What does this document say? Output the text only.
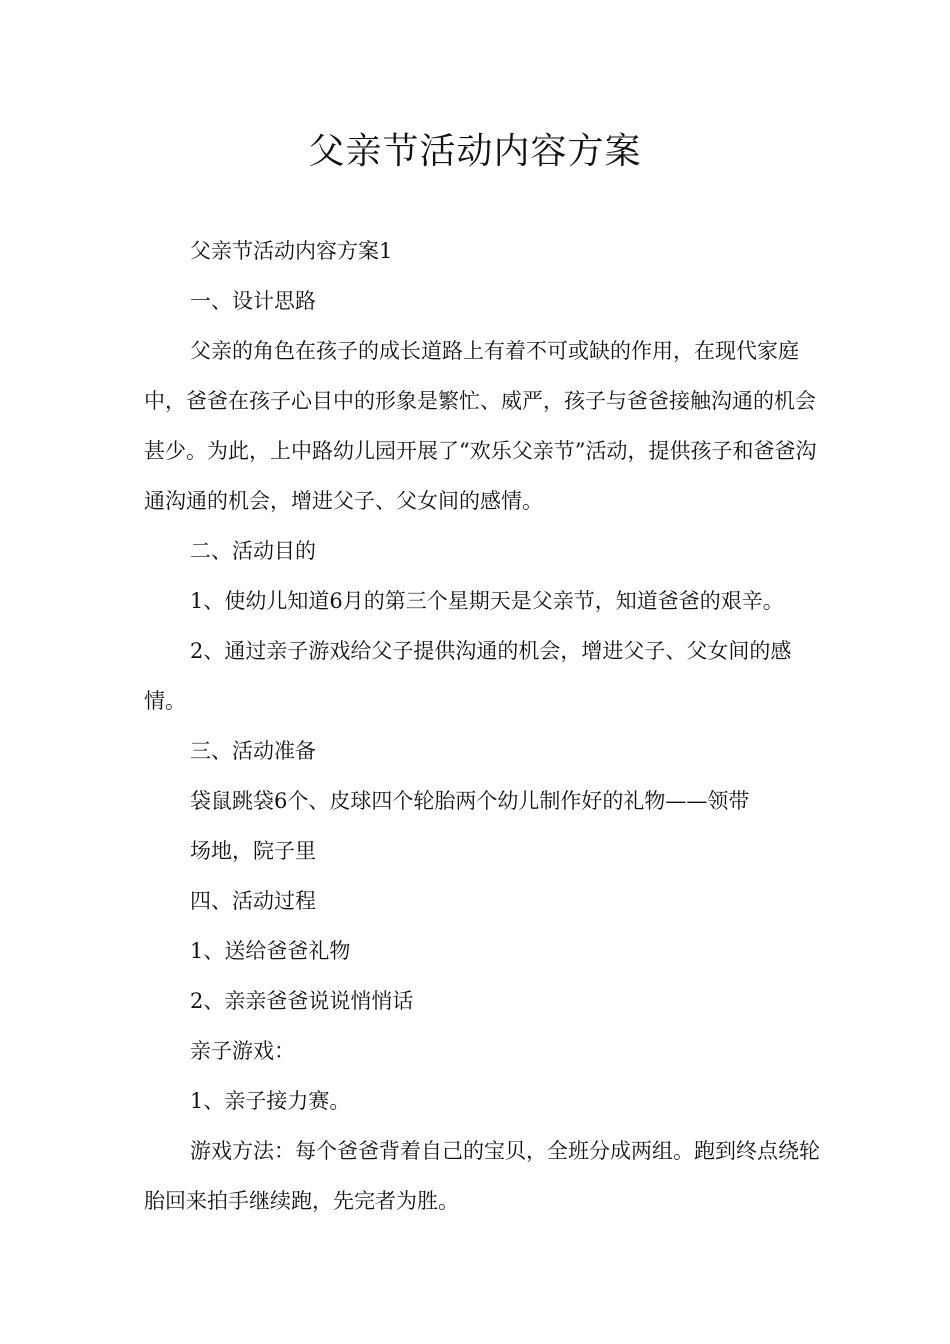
父亲节活动内容方案

父亲节活动内容方案1

一、设计思路

父亲的角色在孩子的成长道路上有着不可或缺的作用，在现代家庭中，爸爸在孩子心目中的形象是繁忙、威严，孩子与爸爸接触沟通的机会甚少。为此，上中路幼儿园开展了“欢乐父亲节”活动，提供孩子和爸爸沟通沟通的机会，增进父子、父女间的感情。

二、活动目的

1、使幼儿知道6月的第三个星期天是父亲节，知道爸爸的艰辛。

2、通过亲子游戏给父子提供沟通的机会，增进父子、父女间的感情。

三、活动准备

袋鼠跳袋6个、皮球四个轮胎两个幼儿制作好的礼物——领带

场地，院子里

四、活动过程

1、送给爸爸礼物

2、亲亲爸爸说说悄悄话

亲子游戏：

1、亲子接力赛。

游戏方法：每个爸爸背着自己的宝贝，全班分成两组。跑到终点绕轮胎回来拍手继续跑，先完者为胜。
